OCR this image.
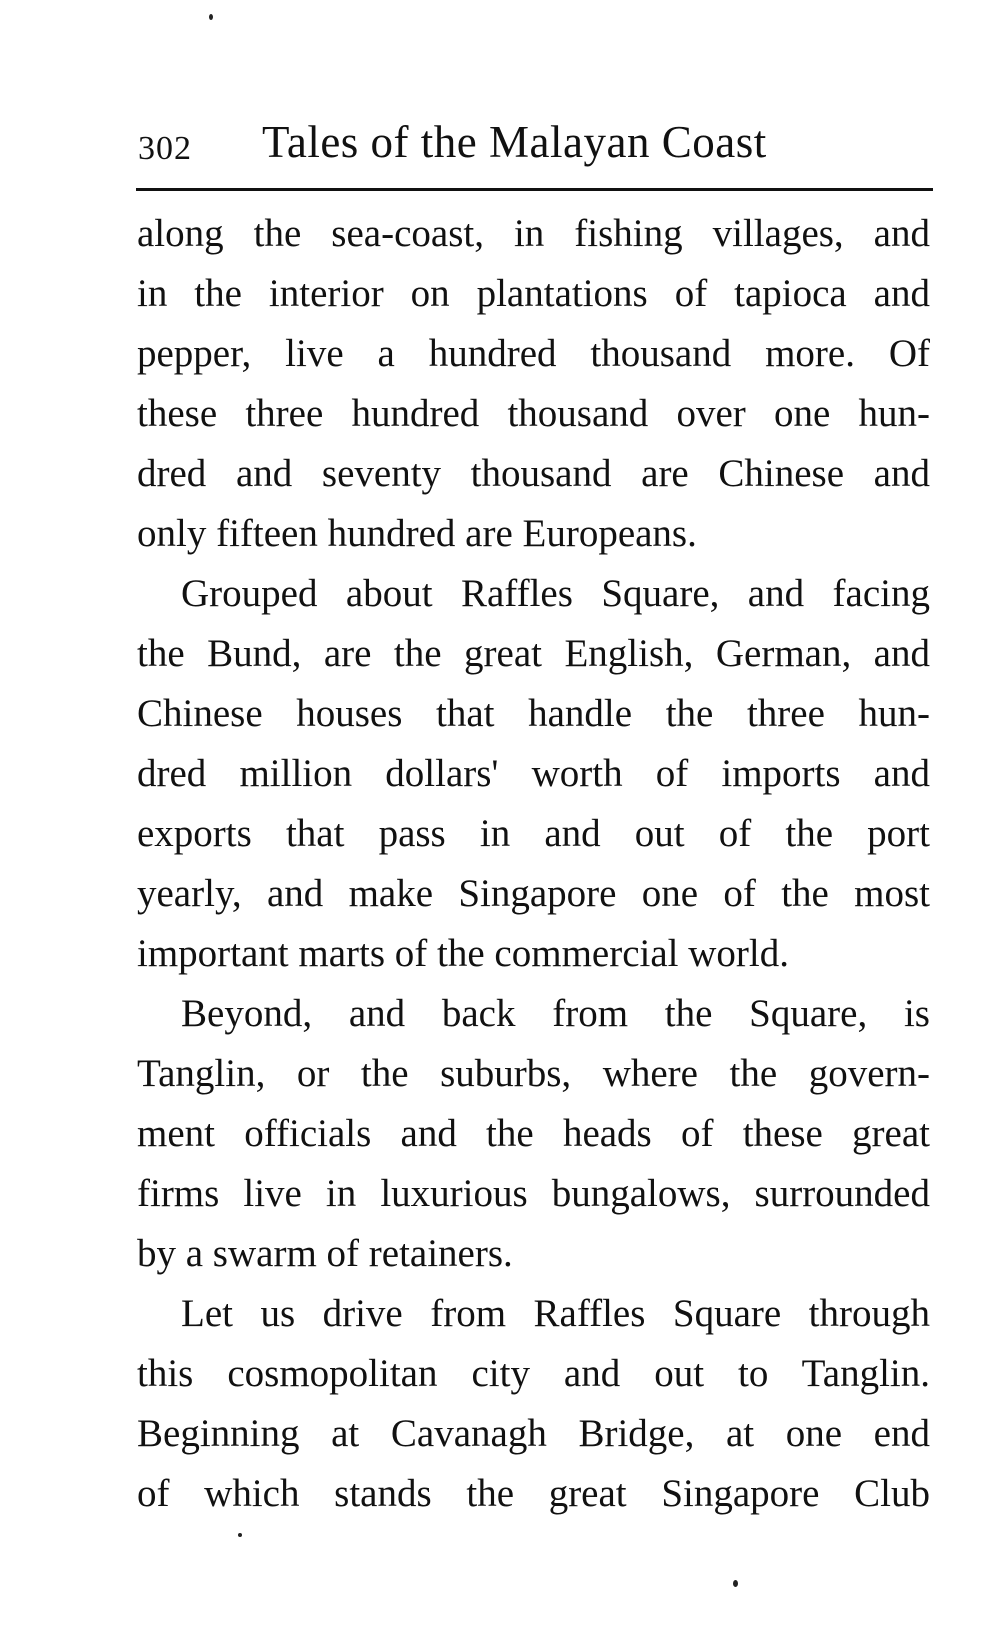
302 Tales of the Malayan Coast
along the sea-coast, in fishing villages, and
in the interior on plantations of tapioca and
pepper, live a hundred thousand more. Of
these three hundred thousand over one hun-
dred and seventy thousand are Chinese and
only fifteen hundred are Europeans.
Grouped about Raffles Square, and facing
the Bund, are the great English, German, and
Chinese houses that handle the three hun-
dred million dollars' worth of imports and
exports that pass in and out of the port
yearly, and make Singapore one of the most
important marts of the commercial world.
Beyond, and back from the Square, is
Tanglin, or the suburbs, where the govern-
ment officials and the heads of these great
firms live in luxurious bungalows, surrounded
by a swarm of retainers.
Let us drive from Raffles Square through
this cosmopolitan city and out to Tanglin.
Beginning at Cavanagh Bridge, at one end
of which stands the great Singapore Club
